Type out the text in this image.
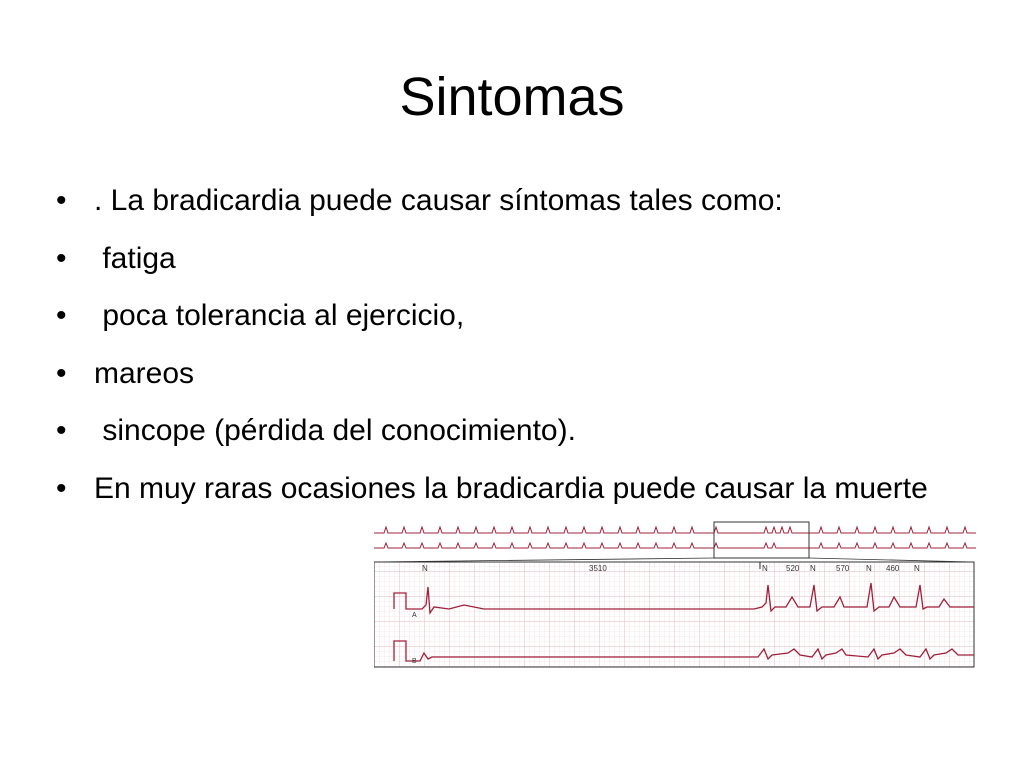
Sintomas
• . La bradicardia puede causar síntomas tales como:
• fatiga
• poca tolerancia al ejercicio,
• mareos
• sincope (pérdida del conocimiento).
• En muy raras ocasiones la bradicardia puede causar la muerte
N	3510	N 520 N	570 N 460 N
A
B
